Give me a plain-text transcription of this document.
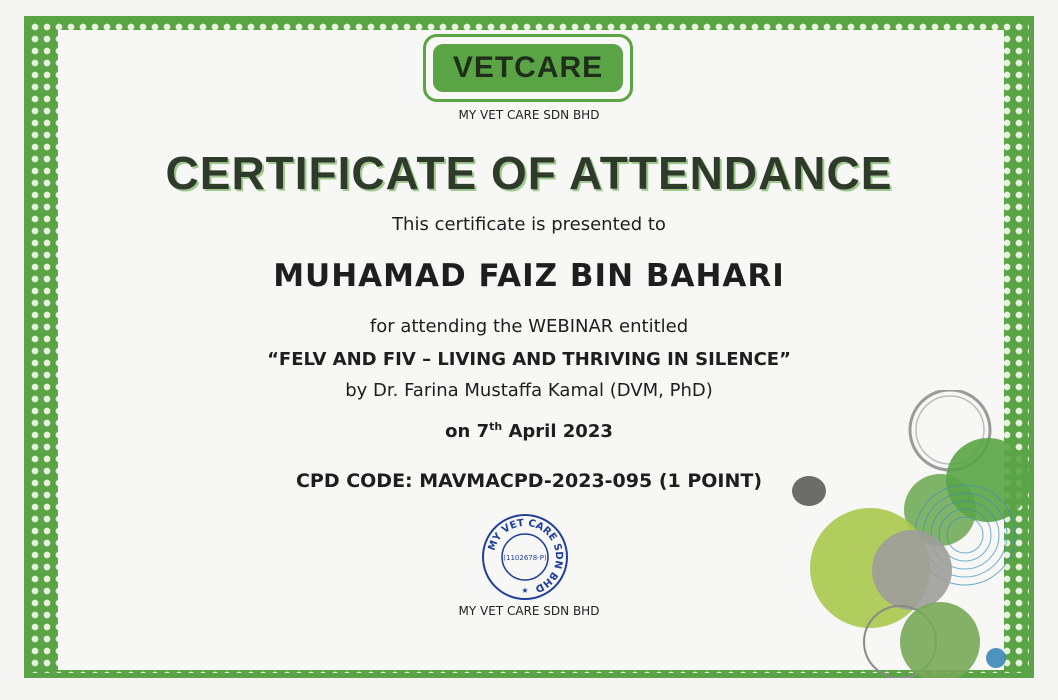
VETCARE
MY VET CARE SDN BHD
CERTIFICATE OF ATTENDANCE
This certificate is presented to
MUHAMAD FAIZ BIN BAHARI
for attending the WEBINAR entitled
“FELV AND FIV – LIVING AND THRIVING IN SILENCE”
by Dr. Farina Mustaffa Kamal (DVM, PhD)
on 7th April 2023
CPD CODE: MAVMACPD-2023-095 (1 POINT)
MY VET CARE SDN BHD
(1102678-P)
★
MY VET CARE SDN BHD
